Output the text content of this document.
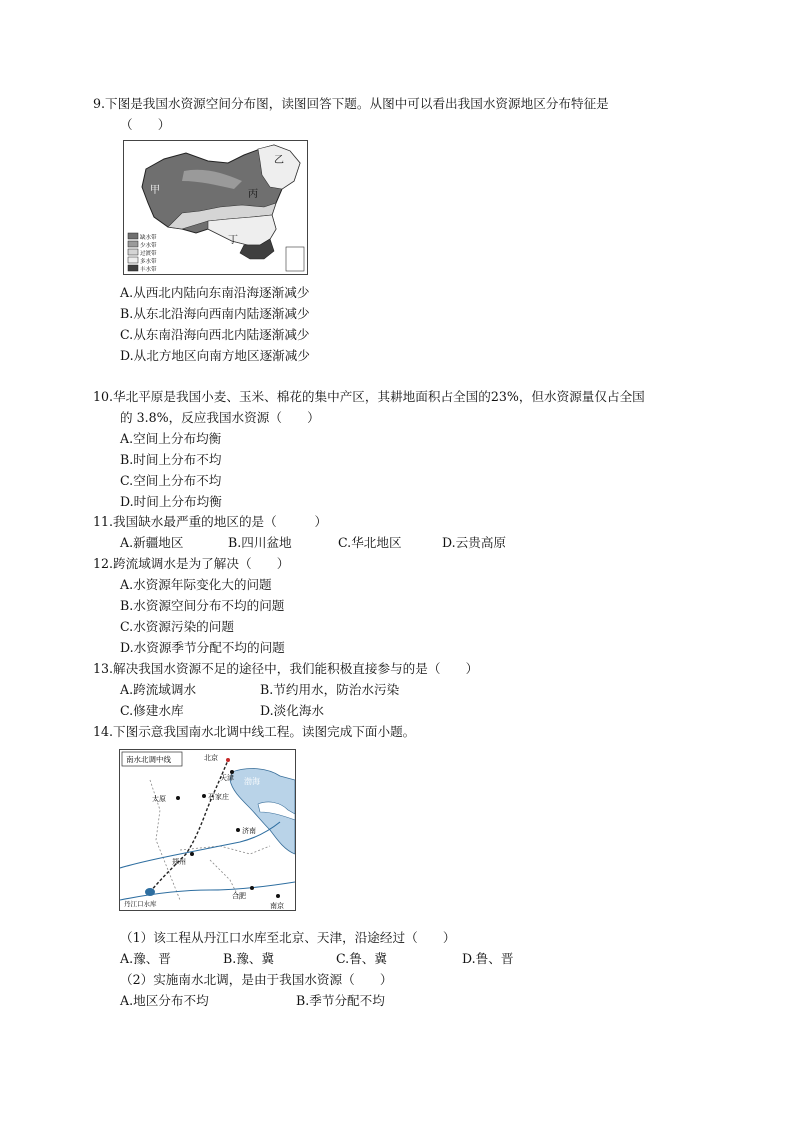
9.下图是我国水资源空间分布图，读图回答下题。从图中可以看出我国水资源地区分布特征是
（　　）
甲
乙
丙
丁
缺水带
少水带
过渡带
多水带
丰水带
A.从西北内陆向东南沿海逐渐减少
B.从东北沿海向西南内陆逐渐减少
C.从东南沿海向西北内陆逐渐减少
D.从北方地区向南方地区逐渐减少
10.华北平原是我国小麦、玉米、棉花的集中产区，其耕地面积占全国的23%，但水资源量仅占全国
的 3.8%，反应我国水资源（　　）
A.空间上分布均衡
B.时间上分布不均
C.空间上分布不均
D.时间上分布均衡
11.我国缺水最严重的地区的是（　　　）
A.新疆地区	B.四川盆地	C.华北地区	D.云贵高原
12.跨流域调水是为了解决（　　）
A.水资源年际变化大的问题
B.水资源空间分布不均的问题
C.水资源污染的问题
D.水资源季节分配不均的问题
13.解决我国水资源不足的途径中，我们能积极直接参与的是（　　）
A.跨流域调水	B.节约用水，防治水污染
C.修建水库	D.淡化海水
14.下图示意我国南水北调中线工程。读图完成下面小题。
南水北调中线
渤海
丹江口水库
北京
天津
太原	石家庄
济南
郑州
合肥
南京
（1）该工程从丹江口水库至北京、天津，沿途经过（　　）
A.豫、晋	B.豫、冀	C.鲁、冀	D.鲁、晋
（2）实施南水北调，是由于我国水资源（　　）
A.地区分布不均	B.季节分配不均
